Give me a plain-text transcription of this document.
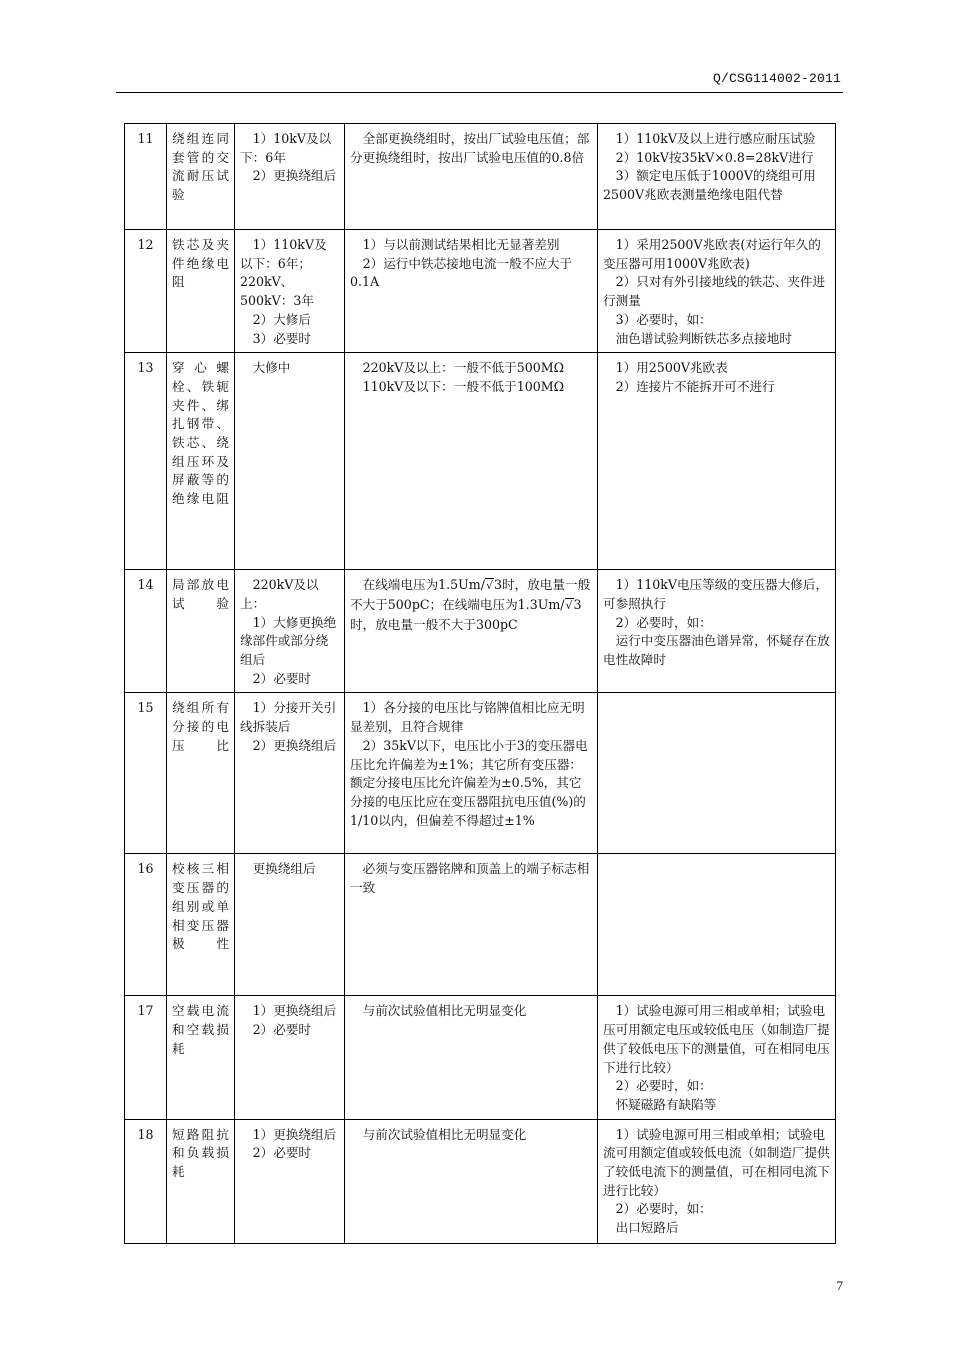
Q/CSG114002-2011
11	绕组连同套管的交流耐压试验	1）10kV及以下：6年
2）更换绕组后	全部更换绕组时，按出厂试验电压值；部分更换绕组时，按出厂试验电压值的0.8倍	1）110kV及以上进行感应耐压试验
2）10kV按35kV×0.8=28kV进行
3）额定电压低于1000V的绕组可用2500V兆欧表测量绝缘电阻代替

12	铁芯及夹件绝缘电阻	1）110kV及以下：6年；
220kV、500kV：3年
2）大修后
3）必要时	1）与以前测试结果相比无显著差别
2）运行中铁芯接地电流一般不应大于0.1A	1）采用2500V兆欧表(对运行年久的变压器可用1000V兆欧表)
2）只对有外引接地线的铁芯、夹件进行测量
3）必要时，如：
油色谱试验判断铁芯多点接地时

13	穿心螺栓、铁轭夹件、绑扎钢带、铁芯、绕组压环及屏蔽等的绝缘电阻	大修中	220kV及以上：一般不低于500MΩ
110kV及以下：一般不低于100MΩ	1）用2500V兆欧表
2）连接片不能拆开可不进行

14	局部放电试验	220kV及以上：
1）大修更换绝缘部件或部分绕组后
2）必要时	在线端电压为1.5Um/√3时，放电量一般不大于500pC；在线端电压为1.3Um/√3时，放电量一般不大于300pC	1）110kV电压等级的变压器大修后，可参照执行
2）必要时，如：
运行中变压器油色谱异常，怀疑存在放电性故障时

15	绕组所有分接的电压比	1）分接开关引线拆装后
2）更换绕组后	1）各分接的电压比与铭牌值相比应无明显差别，且符合规律
2）35kV以下，电压比小于3的变压器电压比允许偏差为±1%；其它所有变压器：额定分接电压比允许偏差为±0.5%，其它分接的电压比应在变压器阻抗电压值(%)的1/10以内，但偏差不得超过±1%	

16	校核三相变压器的组别或单相变压器极性	更换绕组后	必须与变压器铭牌和顶盖上的端子标志相一致	

17	空载电流和空载损耗	1）更换绕组后
2）必要时	与前次试验值相比无明显变化	1）试验电源可用三相或单相；试验电压可用额定电压或较低电压（如制造厂提供了较低电压下的测量值，可在相同电压下进行比较）
2）必要时，如：
怀疑磁路有缺陷等

18	短路阻抗和负载损耗	1）更换绕组后
2）必要时	与前次试验值相比无明显变化	1）试验电源可用三相或单相；试验电流可用额定值或较低电流（如制造厂提供了较低电流下的测量值，可在相同电流下进行比较）
2）必要时，如：
出口短路后
7
